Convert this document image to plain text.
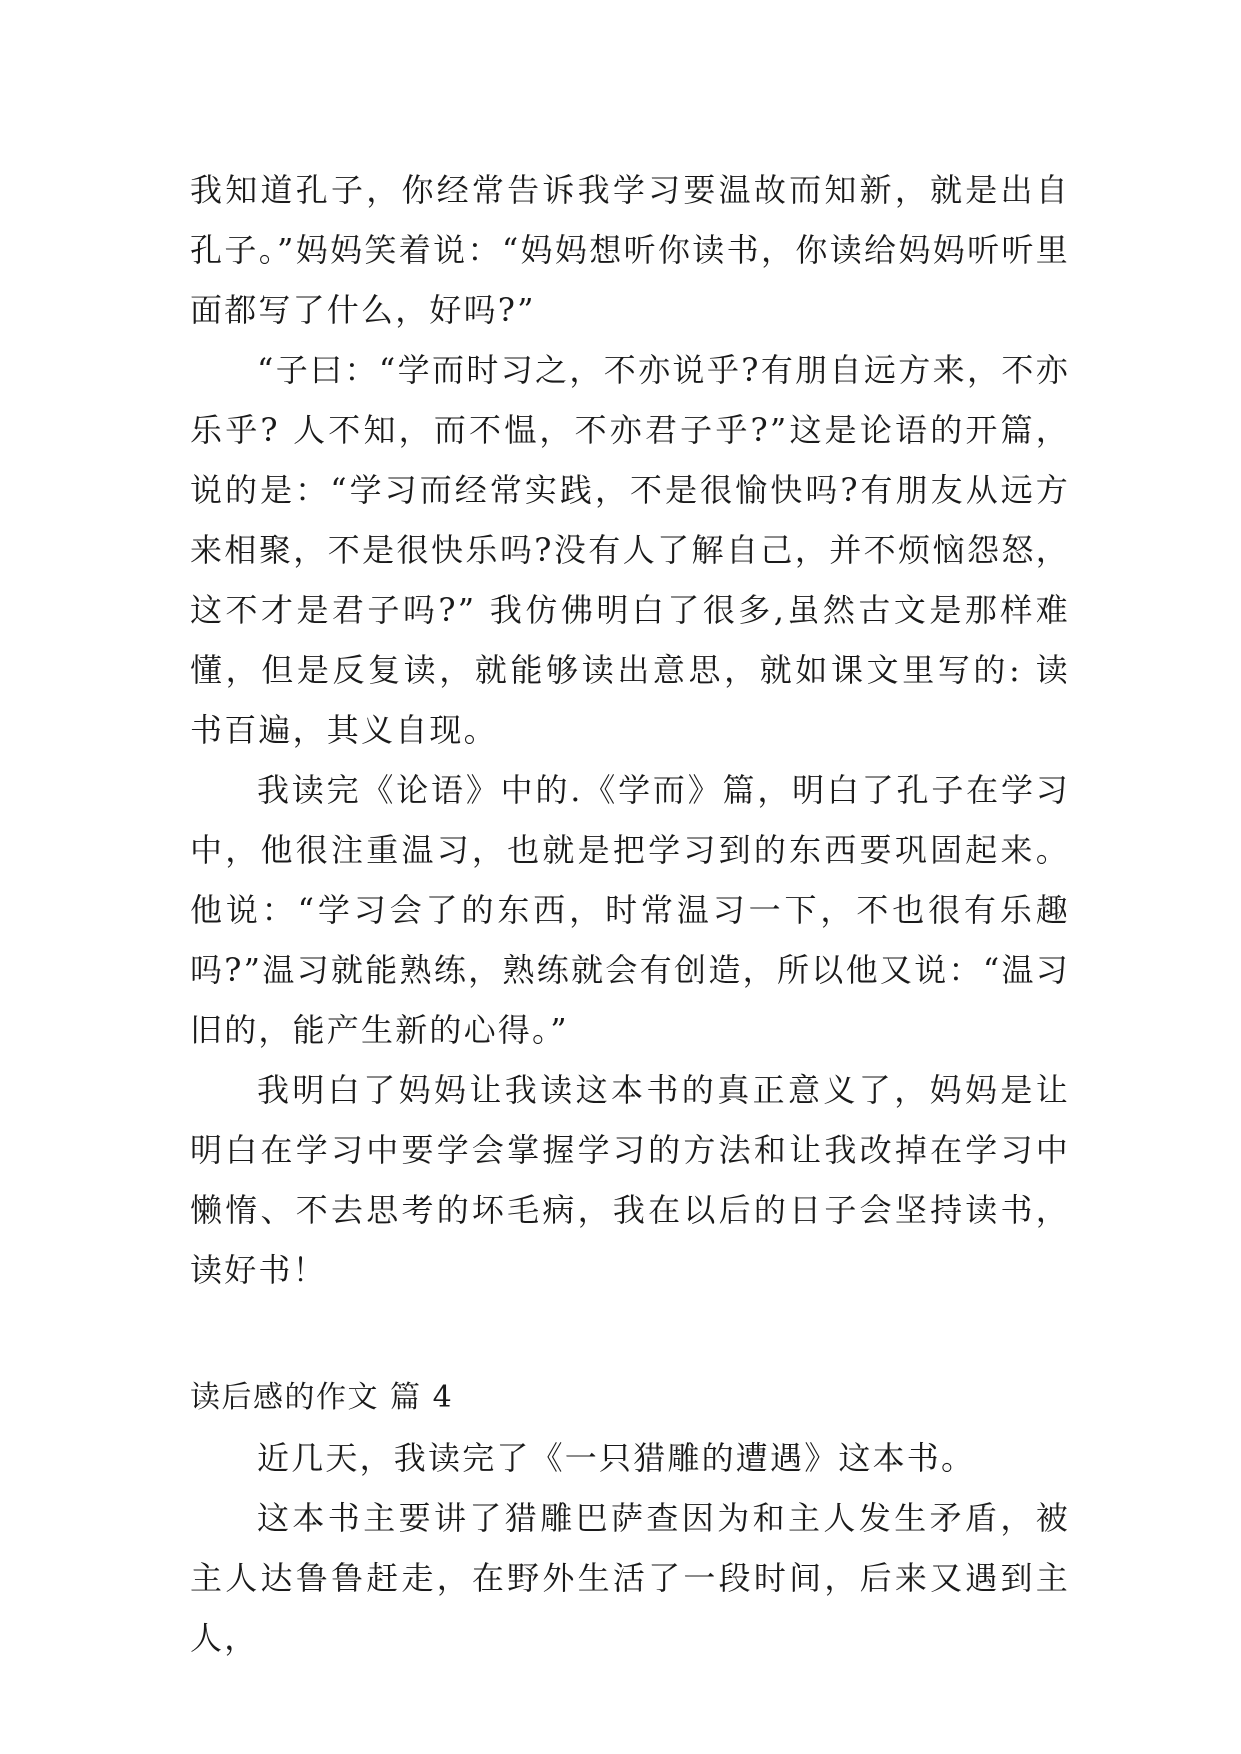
我知道孔子，你经常告诉我学习要温故而知新，就是出自孔子。”妈妈笑着说：“妈妈想听你读书，你读给妈妈听听里面都写了什么，好吗?”

“子曰：“学而时习之，不亦说乎?有朋自远方来，不亦乐乎? 人不知，而不愠，不亦君子乎?”这是论语的开篇，说的是：“学习而经常实践，不是很愉快吗?有朋友从远方来相聚，不是很快乐吗?没有人了解自己，并不烦恼怨怒，这不才是君子吗?” 我仿佛明白了很多,虽然古文是那样难懂，但是反复读，就能够读出意思，就如课文里写的: 读书百遍，其义自现。

我读完《论语》中的.《学而》篇，明白了孔子在学习中，他很注重温习，也就是把学习到的东西要巩固起来。他说：“学习会了的东西，时常温习一下，不也很有乐趣吗?”温习就能熟练，熟练就会有创造，所以他又说：“温习旧的，能产生新的心得。”

我明白了妈妈让我读这本书的真正意义了，妈妈是让明白在学习中要学会掌握学习的方法和让我改掉在学习中懒惰、不去思考的坏毛病，我在以后的日子会坚持读书，读好书！

读后感的作文 篇 4

近几天，我读完了《一只猎雕的遭遇》这本书。

这本书主要讲了猎雕巴萨查因为和主人发生矛盾，被主人达鲁鲁赶走，在野外生活了一段时间，后来又遇到主人，
